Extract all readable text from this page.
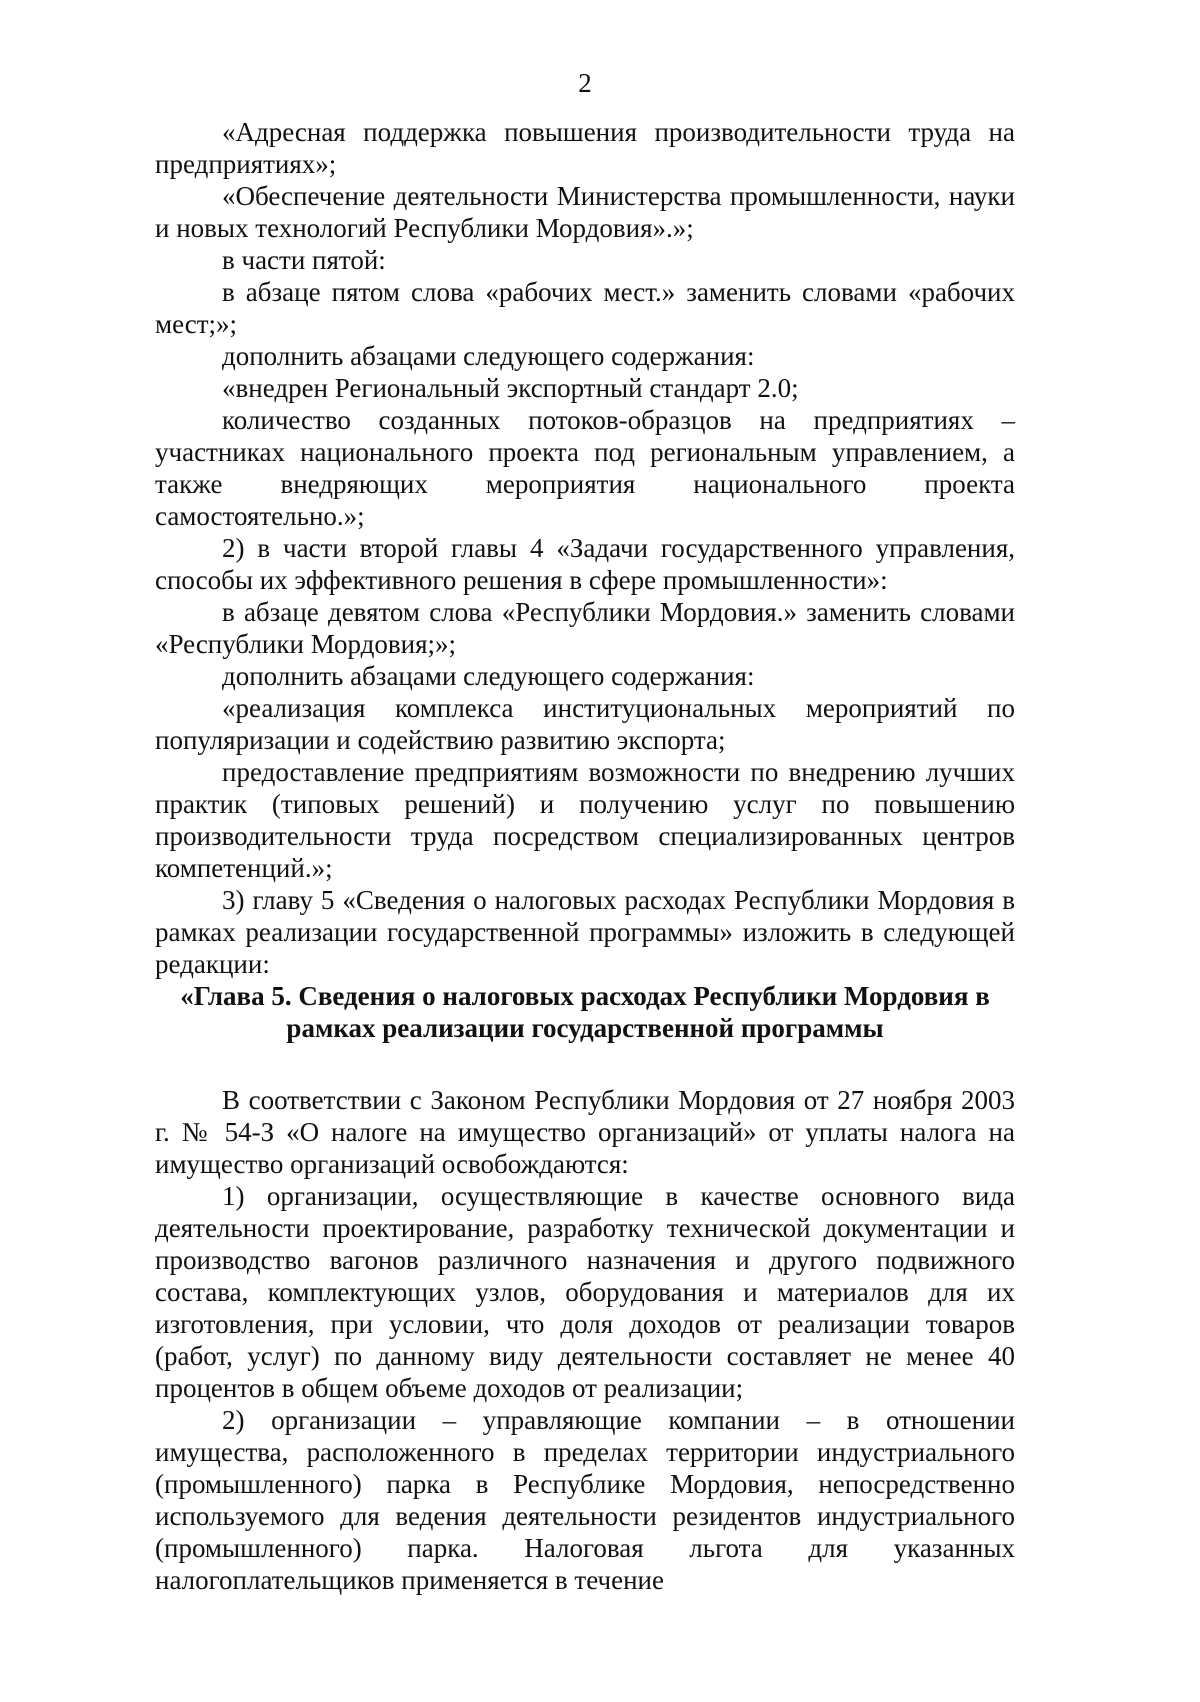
2

«Адресная поддержка повышения производительности труда на предприятиях»;

«Обеспечение деятельности Министерства промышленности, науки и новых технологий Республики Мордовия».»;

в части пятой:

в абзаце пятом слова «рабочих мест.» заменить словами «рабочих мест;»;

дополнить абзацами следующего содержания:

«внедрен Региональный экспортный стандарт 2.0;

количество созданных потоков-образцов на предприятиях – участниках национального проекта под региональным управлением, а также внедряющих мероприятия национального проекта самостоятельно.»;

2) в части второй главы 4 «Задачи государственного управления, способы их эффективного решения в сфере промышленности»:

в абзаце девятом слова «Республики Мордовия.» заменить словами «Республики Мордовия;»;

дополнить абзацами следующего содержания:

«реализация комплекса институциональных мероприятий по популяризации и содействию развитию экспорта;

предоставление предприятиям возможности по внедрению лучших практик (типовых решений) и получению услуг по повышению производительности труда посредством специализированных центров компетенций.»;

3) главу 5 «Сведения о налоговых расходах Республики Мордовия в рамках реализации государственной программы» изложить в следующей редакции:

«Глава 5. Сведения о налоговых расходах Республики Мордовия в рамках реализации государственной программы

В соответствии с Законом Республики Мордовия от 27 ноября 2003 г. № 54-З «О налоге на имущество организаций» от уплаты налога на имущество организаций освобождаются:

1) организации, осуществляющие в качестве основного вида деятельности проектирование, разработку технической документации и производство вагонов различного назначения и другого подвижного состава, комплектующих узлов, оборудования и материалов для их изготовления, при условии, что доля доходов от реализации товаров (работ, услуг) по данному виду деятельности составляет не менее 40 процентов в общем объеме доходов от реализации;

2) организации – управляющие компании – в отношении имущества, расположенного в пределах территории индустриального (промышленного) парка в Республике Мордовия, непосредственно используемого для ведения деятельности резидентов индустриального (промышленного) парка. Налоговая льгота для указанных налогоплательщиков применяется в течение
